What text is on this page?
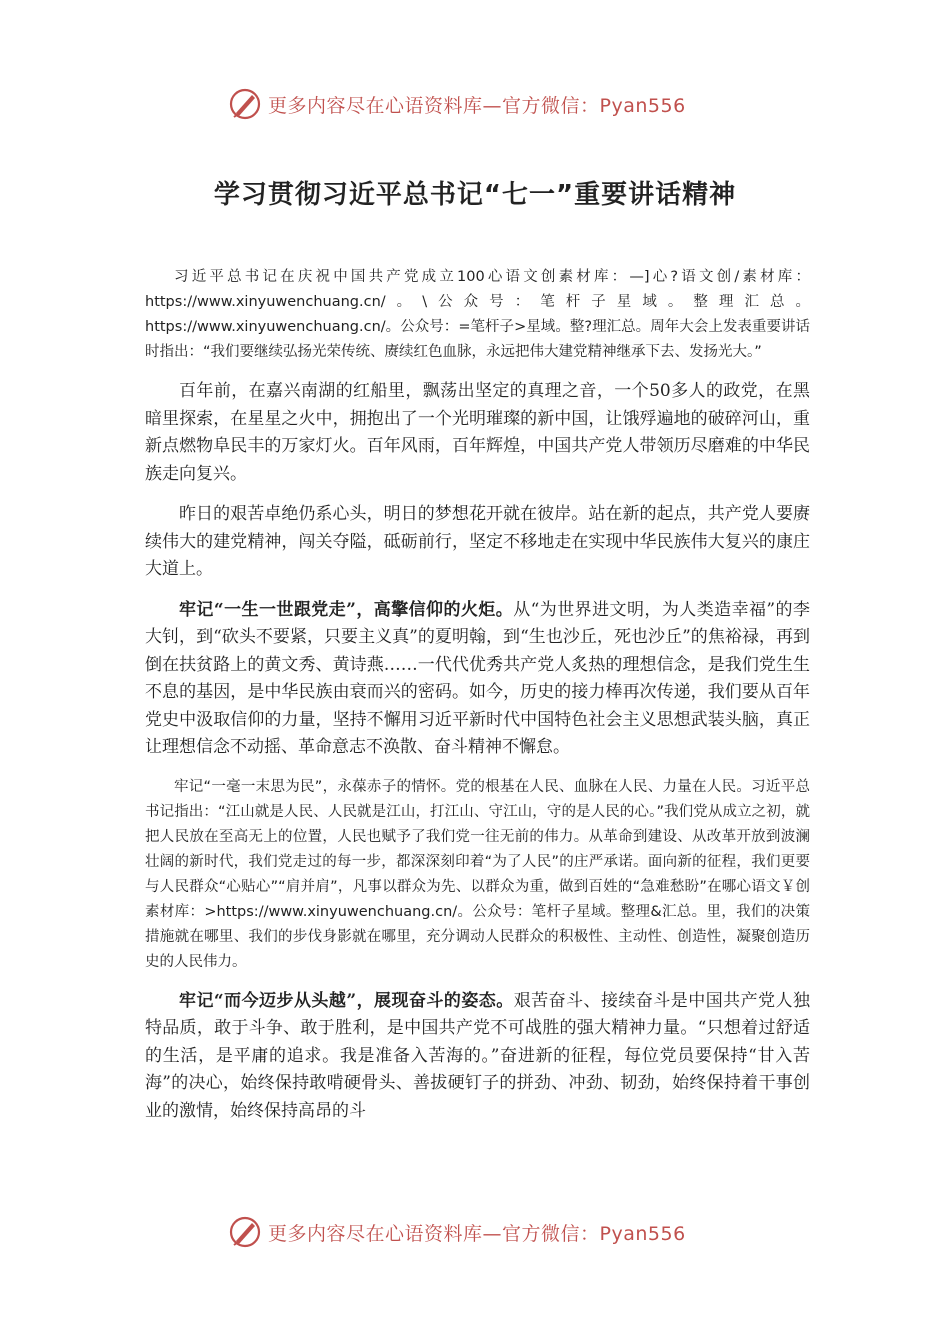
更多内容尽在心语资料库—官方微信：Pyan556
学习贯彻习近平总书记“七一”重要讲话精神

习近平总书记在庆祝中国共产党成立100心语文创素材库：—]心?语文创/素材库：https://www.xinyuwenchuang.cn/。\公众号：笔杆子星域。整理汇总。https://www.xinyuwenchuang.cn/。公众号：=笔杆子>星域。整?理汇总。周年大会上发表重要讲话时指出：“我们要继续弘扬光荣传统、赓续红色血脉，永远把伟大建党精神继承下去、发扬光大。”

百年前，在嘉兴南湖的红船里，飘荡出坚定的真理之音，一个50多人的政党，在黑暗里探索，在星星之火中，拥抱出了一个光明璀璨的新中国，让饿殍遍地的破碎河山，重新点燃物阜民丰的万家灯火。百年风雨，百年辉煌，中国共产党人带领历尽磨难的中华民族走向复兴。

昨日的艰苦卓绝仍系心头，明日的梦想花开就在彼岸。站在新的起点，共产党人要赓续伟大的建党精神，闯关夺隘，砥砺前行，坚定不移地走在实现中华民族伟大复兴的康庄大道上。

牢记“一生一世跟党走”，高擎信仰的火炬。从“为世界进文明，为人类造幸福”的李大钊，到“砍头不要紧，只要主义真”的夏明翰，到“生也沙丘，死也沙丘”的焦裕禄，再到倒在扶贫路上的黄文秀、黄诗燕……一代代优秀共产党人炙热的理想信念，是我们党生生不息的基因，是中华民族由衰而兴的密码。如今，历史的接力棒再次传递，我们要从百年党史中汲取信仰的力量，坚持不懈用习近平新时代中国特色社会主义思想武装头脑，真正让理想信念不动摇、革命意志不涣散、奋斗精神不懈怠。

牢记“一毫一末思为民”，永葆赤子的情怀。党的根基在人民、血脉在人民、力量在人民。习近平总书记指出：“江山就是人民、人民就是江山，打江山、守江山，守的是人民的心。”我们党从成立之初，就把人民放在至高无上的位置，人民也赋予了我们党一往无前的伟力。从革命到建设、从改革开放到波澜壮阔的新时代，我们党走过的每一步，都深深刻印着“为了人民”的庄严承诺。面向新的征程，我们更要与人民群众“心贴心”“肩并肩”，凡事以群众为先、以群众为重，做到百姓的“急难愁盼”在哪心语文￥创素材库：>https://www.xinyuwenchuang.cn/。公众号：笔杆子星域。整理&汇总。里，我们的决策措施就在哪里、我们的步伐身影就在哪里，充分调动人民群众的积极性、主动性、创造性，凝聚创造历史的人民伟力。

牢记“而今迈步从头越”，展现奋斗的姿态。艰苦奋斗、接续奋斗是中国共产党人独特品质，敢于斗争、敢于胜利，是中国共产党不可战胜的强大精神力量。“只想着过舒适的生活，是平庸的追求。我是准备入苦海的。”奋进新的征程，每位党员要保持“甘入苦海”的决心，始终保持敢啃硬骨头、善拔硬钉子的拼劲、冲劲、韧劲，始终保持着干事创业的激情，始终保持高昂的斗

更多内容尽在心语资料库—官方微信：Pyan556
